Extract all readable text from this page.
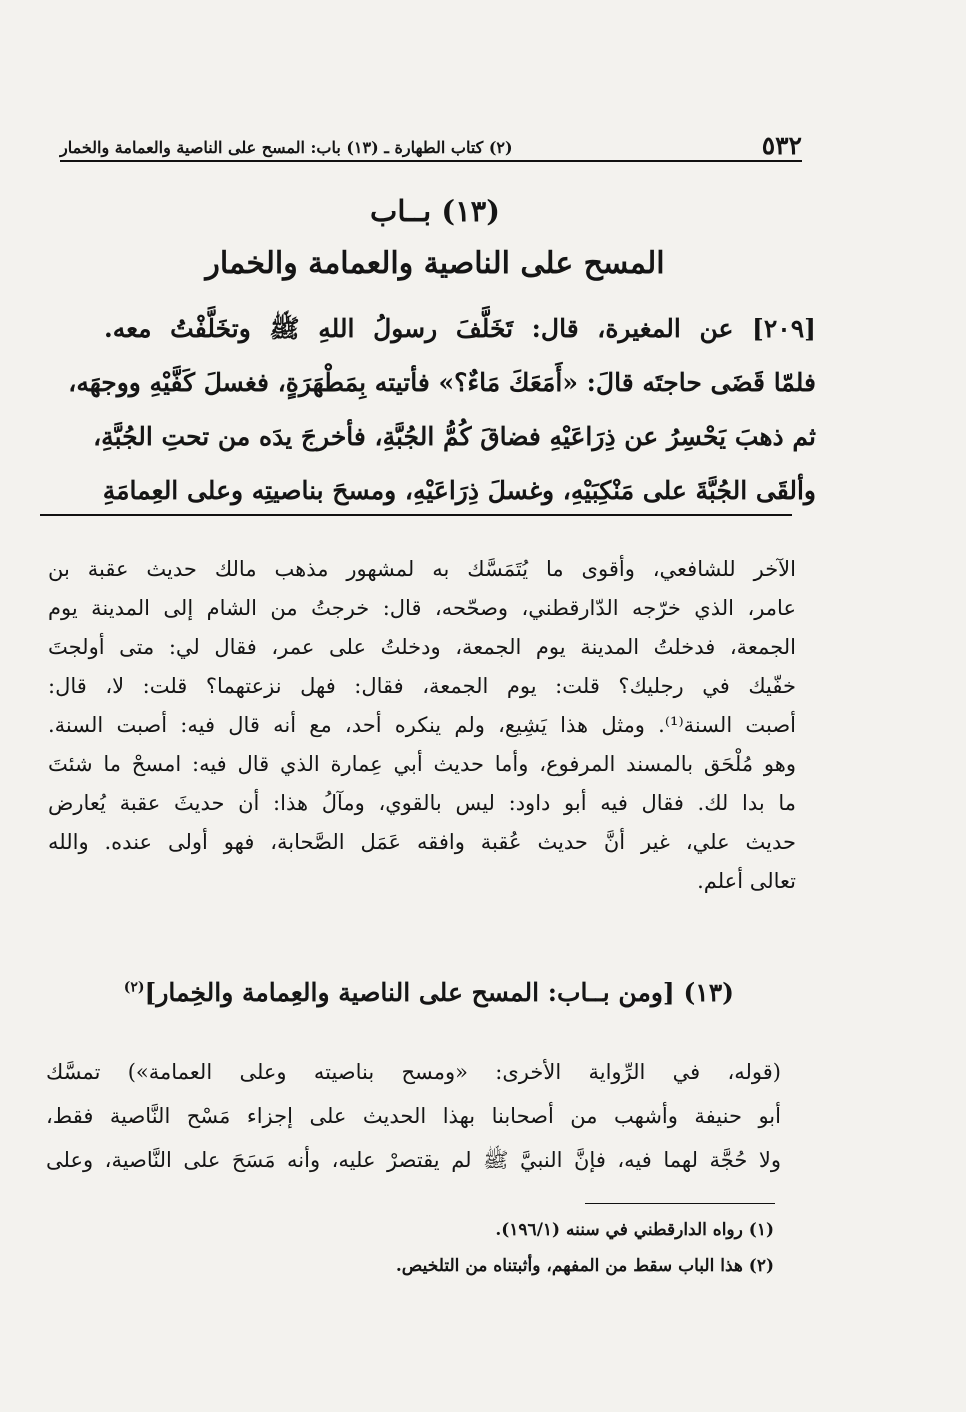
٥٣٢
(٢) كتاب الطهارة ـ (١٣) باب: المسح على الناصية والعمامة والخمار
(١٣) بــاب
المسح على الناصية والعمامة والخمار
[٢٠٩] عن المغيرة، قال: تَخَلَّفَ رسولُ اللهِ ﷺ وتخَلَّفْتُ معه.
فلمّا قَضَى حاجتَه قالَ: «أَمَعَكَ مَاءٌ؟» فأتيته بِمَطْهَرَةٍ، فغسلَ كَفَّيْهِ ووجهَه،
ثم ذهبَ يَحْسِرُ عن ذِرَاعَيْهِ فضاقَ كُمُّ الجُبَّةِ، فأخرجَ يدَه من تحتِ الجُبَّةِ،
وألقَى الجُبَّةَ على مَنْكِبَيْهِ، وغسلَ ذِرَاعَيْهِ، ومسحَ بناصيتِه وعلى العِمامَةِ
الآخر للشافعي، وأقوى ما يُتَمَسَّك به لمشهور مذهب مالك حديث عقبة بن
عامر، الذي خرّجه الدّارقطني، وصحّحه، قال: خرجتُ من الشام إلى المدينة يوم
الجمعة، فدخلتُ المدينة يوم الجمعة، ودخلتُ على عمر، فقال لي: متى أولجتَ
خفّيك في رجليك؟ قلت: يوم الجمعة، فقال: فهل نزعتهما؟ قلت: لا، قال:
أصبت السنة⁽¹⁾. ومثل هذا يَشِيع، ولم ينكره أحد، مع أنه قال فيه: أصبت السنة.
وهو مُلْحَق بالمسند المرفوع، وأما حديث أبي عِمارة الذي قال فيه: امسحْ ما شئتَ
ما بدا لك. فقال فيه أبو داود: ليس بالقوي، ومآلُ هذا: أن حديثَ عقبة يُعارض
حديث علي، غير أنَّ حديث عُقبة وافقه عَمَل الصَّحابة، فهو أولى عنده. والله
تعالى أعلم.
(١٣) [ومن بــاب: المسح على الناصية والعِمامة والخِمار]$^{(٢)}$
(قوله، في الرِّواية الأخرى: «ومسح بناصيته وعلى العمامة») تمسَّك
أبو حنيفة وأشهب من أصحابنا بهذا الحديث على إجزاء مَسْح النَّاصية فقط،
ولا حُجَّة لهما فيه، فإنَّ النبيَّ ﷺ لم يقتصرْ عليه، وأنه مَسَحَ على النَّاصية، وعلى
(١) رواه الدارقطني في سننه (١٩٦/١).
(٢) هذا الباب سقط من المفهم، وأثبتناه من التلخيص.
